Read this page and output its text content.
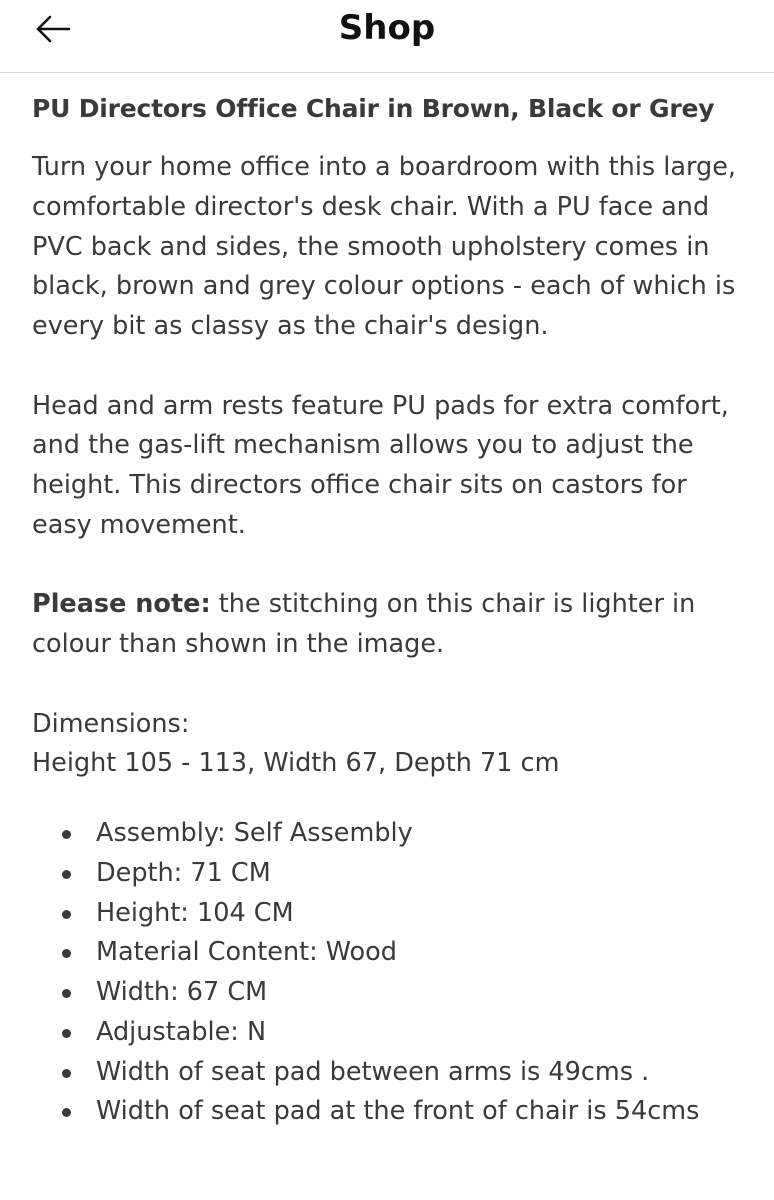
Shop
PU Directors Office Chair in Brown, Black or Grey

Turn your home office into a boardroom with this large, comfortable director's desk chair. With a PU face and PVC back and sides, the smooth upholstery comes in black, brown and grey colour options - each of which is every bit as classy as the chair's design.

Head and arm rests feature PU pads for extra comfort, and the gas-lift mechanism allows you to adjust the height. This directors office chair sits on castors for easy movement.

Please note: the stitching on this chair is lighter in colour than shown in the image.

Dimensions:

Height 105 - 113, Width 67, Depth 71 cm

Assembly: Self Assembly
Depth: 71 CM
Height: 104 CM
Material Content: Wood
Width: 67 CM
Adjustable: N
Width of seat pad between arms is 49cms .
Width of seat pad at the front of chair is 54cms
